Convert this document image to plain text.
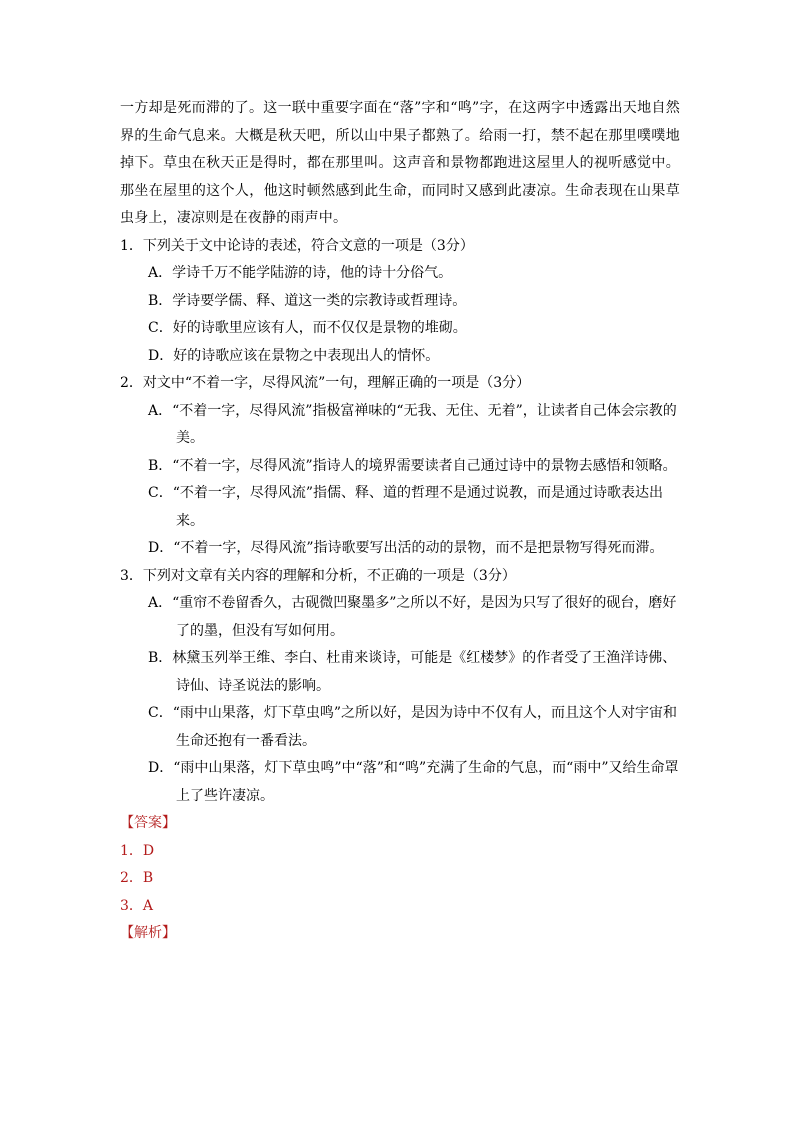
一方却是死而滞的了。这一联中重要字面在“落”字和“鸣”字，在这两字中透露出天地自然界的生命气息来。大概是秋天吧，所以山中果子都熟了。给雨一打，禁不起在那里噗噗地掉下。草虫在秋天正是得时，都在那里叫。这声音和景物都跑进这屋里人的视听感觉中。那坐在屋里的这个人，他这时顿然感到此生命，而同时又感到此凄凉。生命表现在山果草虫身上，凄凉则是在夜静的雨声中。

1．下列关于文中论诗的表述，符合文意的一项是（3分）

A．学诗千万不能学陆游的诗，他的诗十分俗气。

B．学诗要学儒、释、道这一类的宗教诗或哲理诗。

C．好的诗歌里应该有人，而不仅仅是景物的堆砌。

D．好的诗歌应该在景物之中表现出人的情怀。

2．对文中“不着一字，尽得风流”一句，理解正确的一项是（3分）

A．“不着一字，尽得风流”指极富禅味的“无我、无住、无着”，让读者自己体会宗教的美。

B．“不着一字，尽得风流”指诗人的境界需要读者自己通过诗中的景物去感悟和领略。

C．“不着一字，尽得风流”指儒、释、道的哲理不是通过说教，而是通过诗歌表达出来。

D．“不着一字，尽得风流”指诗歌要写出活的动的景物，而不是把景物写得死而滞。

3．下列对文章有关内容的理解和分析，不正确的一项是（3分）

A．“重帘不卷留香久，古砚微凹聚墨多”之所以不好，是因为只写了很好的砚台，磨好了的墨，但没有写如何用。

B．林黛玉列举王维、李白、杜甫来谈诗，可能是《红楼梦》的作者受了王渔洋诗佛、诗仙、诗圣说法的影响。

C．“雨中山果落，灯下草虫鸣”之所以好，是因为诗中不仅有人，而且这个人对宇宙和生命还抱有一番看法。

D．“雨中山果落，灯下草虫鸣”中“落”和“鸣”充满了生命的气息，而“雨中”又给生命罩上了些许凄凉。

【答案】

1．D

2．B

3．A

【解析】
